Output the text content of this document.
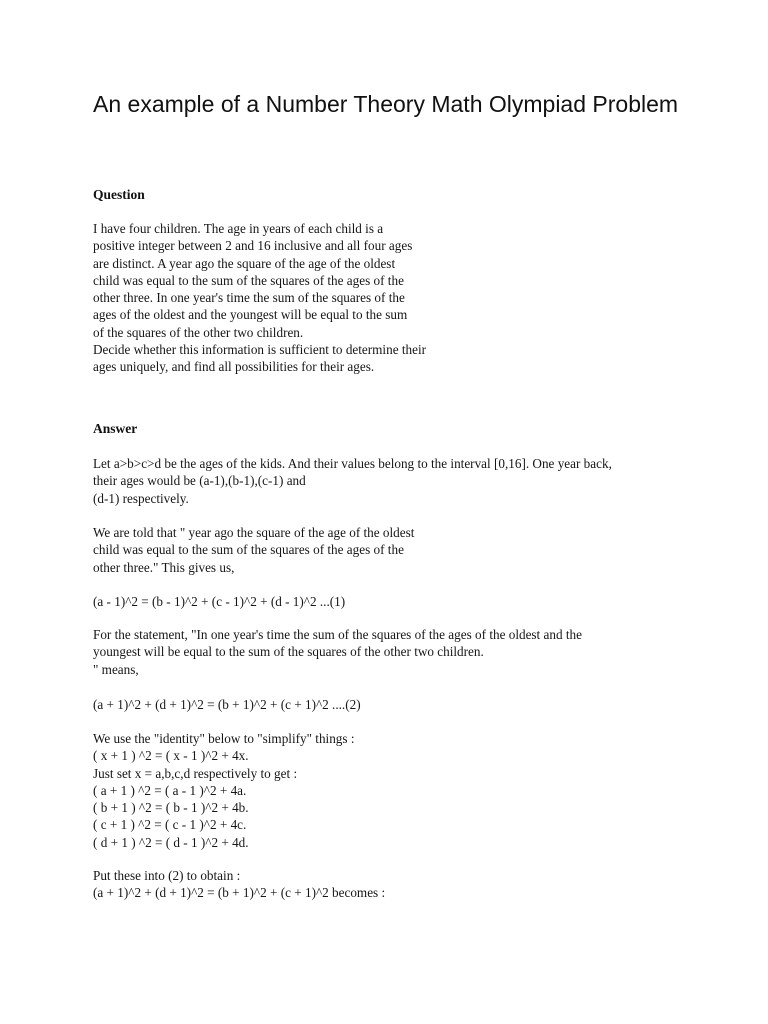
An example of a Number Theory Math Olympiad Problem
Question
I have four children. The age in years of each child is a
positive integer between 2 and 16 inclusive and all four ages
are distinct. A year ago the square of the age of the oldest
child was equal to the sum of the squares of the ages of the
other three. In one year's time the sum of the squares of the
ages of the oldest and the youngest will be equal to the sum
of the squares of the other two children.
Decide whether this information is sufficient to determine their
ages uniquely, and find all possibilities for their ages.
Answer
Let a>b>c>d be the ages of the kids. And their values belong to the interval [0,16]. One year back,
their ages would be (a-1),(b-1),(c-1) and
(d-1) respectively.
We are told that " year ago the square of the age of the oldest
child was equal to the sum of the squares of the ages of the
other three." This gives us,
(a - 1)^2 = (b - 1)^2 + (c - 1)^2 + (d - 1)^2 ...(1)
For the statement, "In one year's time the sum of the squares of the ages of the oldest and the
youngest will be equal to the sum of the squares of the other two children.
" means,
(a + 1)^2 + (d + 1)^2 = (b + 1)^2 + (c + 1)^2 ....(2)
We use the "identity" below to "simplify" things :
( x + 1 ) ^2 = ( x - 1 )^2 + 4x.
Just set x = a,b,c,d respectively to get :
( a + 1 ) ^2 = ( a - 1 )^2 + 4a.
( b + 1 ) ^2 = ( b - 1 )^2 + 4b.
( c + 1 ) ^2 = ( c - 1 )^2 + 4c.
( d + 1 ) ^2 = ( d - 1 )^2 + 4d.
Put these into (2) to obtain :
(a + 1)^2 + (d + 1)^2 = (b + 1)^2 + (c + 1)^2 becomes :
